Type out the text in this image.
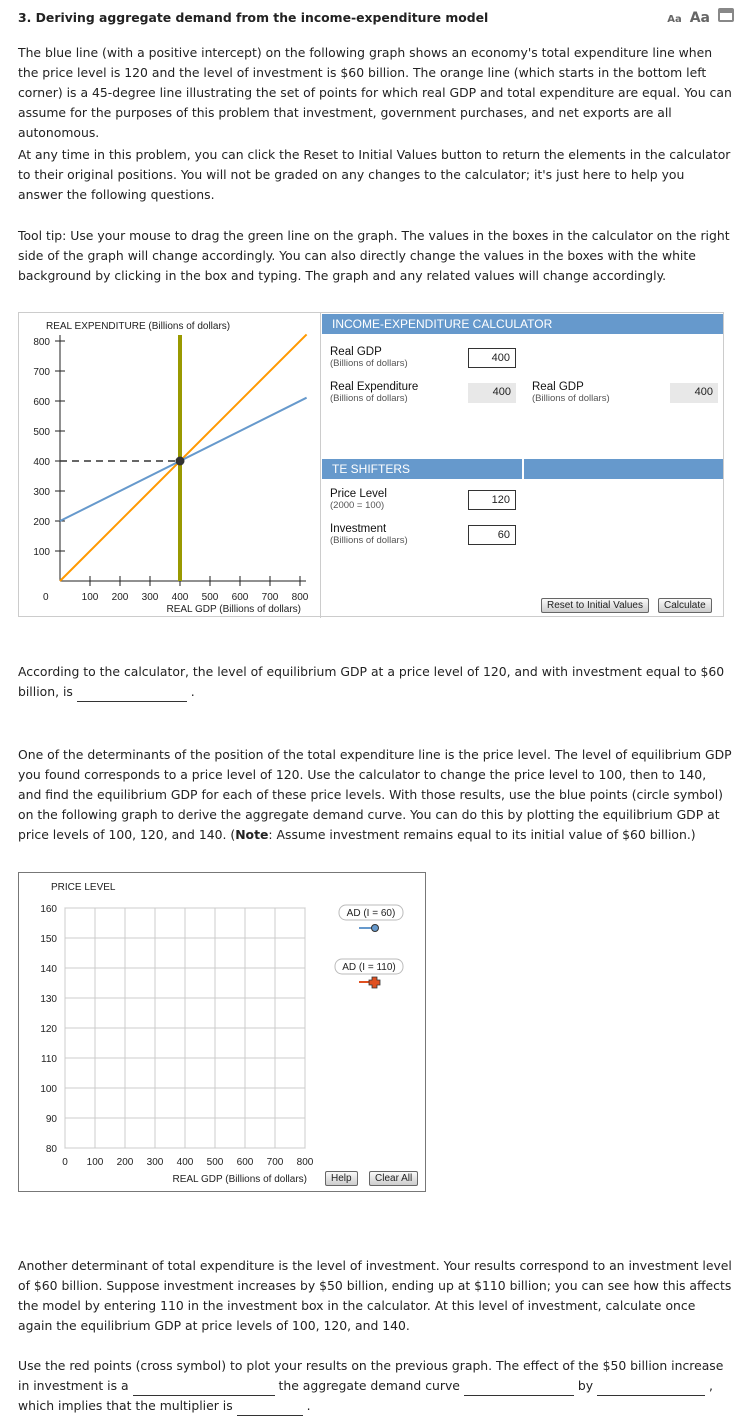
3. Deriving aggregate demand from the income-expenditure model	Aa Aa

The blue line (with a positive intercept) on the following graph shows an economy's total expenditure line when the price level is 120 and the level of investment is $60 billion. The orange line (which starts in the bottom left corner) is a 45-degree line illustrating the set of points for which real GDP and total expenditure are equal. You can assume for the purposes of this problem that investment, government purchases, and net exports are all autonomous.

At any time in this problem, you can click the Reset to Initial Values button to return the elements in the calculator to their original positions. You will not be graded on any changes to the calculator; it's just here to help you answer the following questions.

Tool tip: Use your mouse to drag the green line on the graph. The values in the boxes in the calculator on the right side of the graph will change accordingly. You can also directly change the values in the boxes with the white background by clicking in the box and typing. The graph and any related values will change accordingly.

REAL EXPENDITURE (Billions of dollars)
100 200 300 400 500 600 700 800
100
200
300
400
500
600
700
800
0
REAL GDP (Billions of dollars)
INCOME-EXPENDITURE CALCULATOR
Real GDP
(Billions of dollars)	400
Real Expenditure
(Billions of dollars)
400	Real GDP
(Billions of dollars)
400
TE SHIFTERS
Price Level
(2000 = 100)	120
Investment
(Billions of dollars)	60
Reset to Initial Values	Calculate

According to the calculator, the level of equilibrium GDP at a price level of 120, and with investment equal to $60 billion, is	.

One of the determinants of the position of the total expenditure line is the price level. The level of equilibrium GDP you found corresponds to a price level of 120. Use the calculator to change the price level to 100, then to 140, and find the equilibrium GDP for each of these price levels. With those results, use the blue points (circle symbol) on the following graph to derive the aggregate demand curve. You can do this by plotting the equilibrium GDP at price levels of 100, 120, and 140. (Note: Assume investment remains equal to its initial value of $60 billion.)

PRICE LEVEL
0 100 200 300 400 500 600 700 800
80
90
100
110
120
130
140
150
160	AD (I = 60)
AD (I = 110)
REAL GDP (Billions of dollars)	Help	Clear All

Another determinant of total expenditure is the level of investment. Your results correspond to an investment level of $60 billion. Suppose investment increases by $50 billion, ending up at $110 billion; you can see how this affects the model by entering 110 in the investment box in the calculator. At this level of investment, calculate once again the equilibrium GDP at price levels of 100, 120, and 140.

Use the red points (cross symbol) to plot your results on the previous graph. The effect of the $50 billion increase in investment is a	the aggregate demand curve	by	,
which implies that the multiplier is	.
